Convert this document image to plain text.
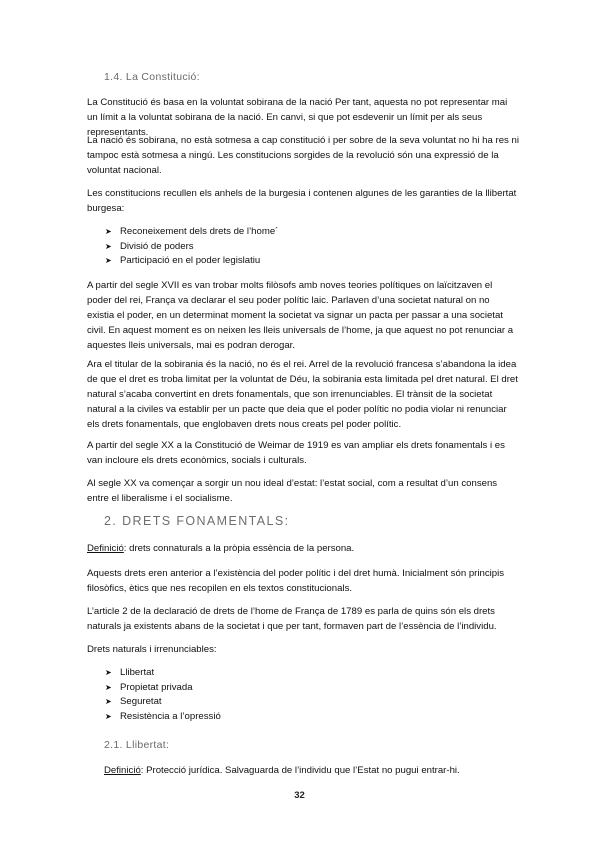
1.4. La Constitució:

La Constitució és basa en la voluntat sobirana de la nació Per tant, aquesta no pot representar mai un límit a la voluntat sobirana de la nació. En canvi, si que pot esdevenir un límit per als seus representants.

La nació és sobirana, no està sotmesa a cap constitució i per sobre de la seva voluntat no hi ha res ni tampoc està sotmesa a ningú. Les constitucions sorgides de la revolució són una expressió de la voluntat nacional.

Les constitucions recullen els anhels de la burgesia i contenen algunes de les garanties de la llibertat burgesa:

➤ Reconeixement dels drets de l’home´
➤ Divisió de poders
➤ Participació en el poder legislatiu

A partir del segle XVII es van trobar molts filòsofs amb noves teories polítiques on laïcitzaven el poder del rei, França va declarar el seu poder polític laic. Parlaven d’una societat natural on no existia el poder, en un determinat moment la societat va signar un pacta per passar a una societat civil. En aquest moment es on neixen les lleis universals de l’home, ja que aquest no pot renunciar a aquestes lleis universals, mai es podran derogar.

Ara el titular de la sobirania és la nació, no és el rei. Arrel de la revolució francesa s’abandona la idea de que el dret es troba limitat per la voluntat de Déu, la sobirania esta limitada pel dret natural. El dret natural s’acaba convertint en drets fonamentals, que son irrenunciables. El trànsit de la societat natural a la civiles va establir per un pacte que deia que el poder polític no podia violar ni renunciar els drets fonamentals, que englobaven drets nous creats pel poder polític.

A partir del segle XX a la Constitució de Weimar de 1919 es van ampliar els drets fonamentals i es van incloure els drets econòmics, socials i culturals.

Al segle XX va començar a sorgir un nou ideal d’estat: l’estat social, com a resultat d’un consens entre el liberalisme i el socialisme.

2. DRETS FONAMENTALS:

Definició: drets connaturals a la pròpia essència de la persona.

Aquests drets eren anterior a l’existència del poder polític i del dret humà. Inicialment són principis filosòfics, ètics que nes recopilen en els textos constitucionals.

L’article 2 de la declaració de drets de l’home de França de 1789 es parla de quins són els drets naturals ja existents abans de la societat i que per tant, formaven part de l’essència de l’individu.

Drets naturals i irrenunciables:

➤ Llibertat
➤ Propietat privada
➤ Seguretat
➤ Resistència a l’opressió
2.1. Llibertat:

Definició: Protecció jurídica. Salvaguarda de l’individu que l’Estat no pugui entrar-hi.

32
